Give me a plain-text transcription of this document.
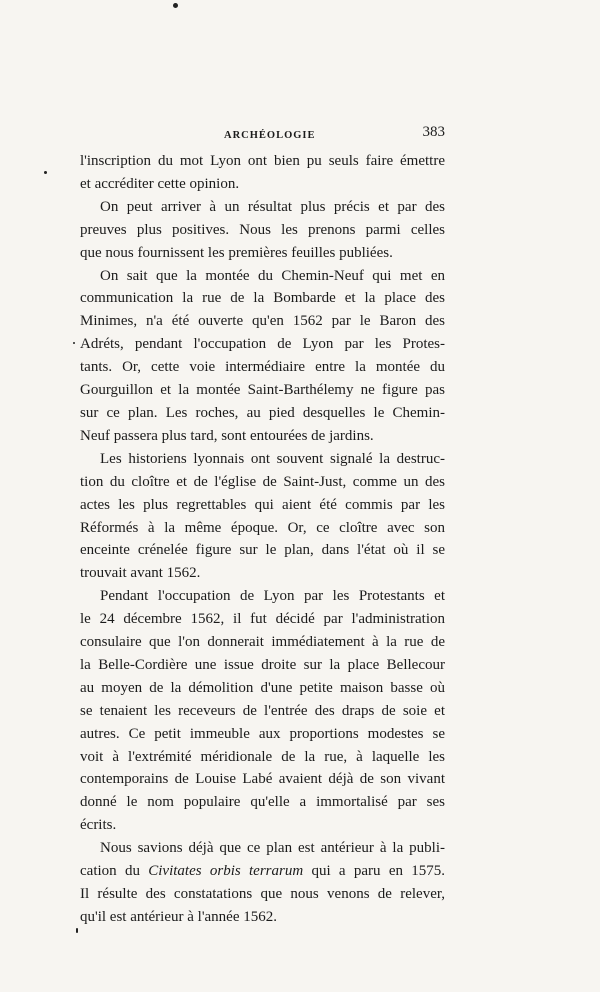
ARCHÉOLOGIE	383

l'inscription du mot Lyon ont bien pu seuls faire émettre
et accréditer cette opinion.

On peut arriver à un résultat plus précis et par des
preuves plus positives. Nous les prenons parmi celles
que nous fournissent les premières feuilles publiées.

On sait que la montée du Chemin-Neuf qui met en
communication la rue de la Bombarde et la place des
Minimes, n'a été ouverte qu'en 1562 par le Baron des
Adréts, pendant l'occupation de Lyon par les Protes-
tants. Or, cette voie intermédiaire entre la montée du
Gourguillon et la montée Saint-Barthélemy ne figure pas
sur ce plan. Les roches, au pied desquelles le Chemin-
Neuf passera plus tard, sont entourées de jardins.

Les historiens lyonnais ont souvent signalé la destruc-
tion du cloître et de l'église de Saint-Just, comme un des
actes les plus regrettables qui aient été commis par les
Réformés à la même époque. Or, ce cloître avec son
enceinte crénelée figure sur le plan, dans l'état où il se
trouvait avant 1562.

Pendant l'occupation de Lyon par les Protestants et
le 24 décembre 1562, il fut décidé par l'administration
consulaire que l'on donnerait immédiatement à la rue de
la Belle-Cordière une issue droite sur la place Bellecour
au moyen de la démolition d'une petite maison basse où
se tenaient les receveurs de l'entrée des draps de soie et
autres. Ce petit immeuble aux proportions modestes se
voit à l'extrémité méridionale de la rue, à laquelle les
contemporains de Louise Labé avaient déjà de son vivant
donné le nom populaire qu'elle a immortalisé par ses
écrits.

Nous savions déjà que ce plan est antérieur à la publi-
cation du Civitates orbis terrarum qui a paru en 1575.
Il résulte des constatations que nous venons de relever,
qu'il est antérieur à l'année 1562.
